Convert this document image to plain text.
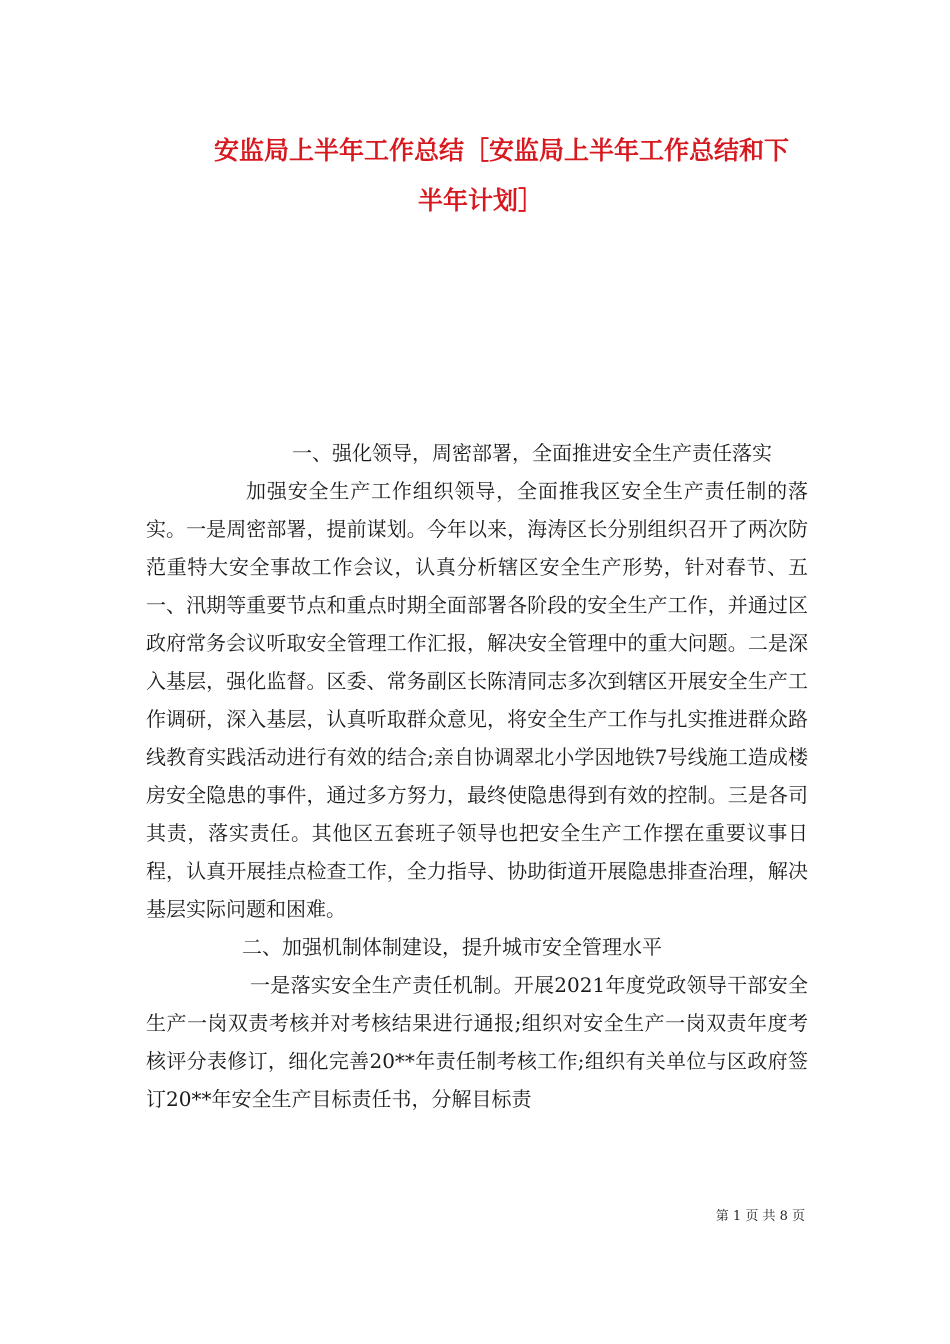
安监局上半年工作总结［安监局上半年工作总结和下
半年计划］

一、强化领导，周密部署，全面推进安全生产责任落实

加强安全生产工作组织领导，全面推我区安全生产责任制的落实。一是周密部署，提前谋划。今年以来，海涛区长分别组织召开了两次防范重特大安全事故工作会议，认真分析辖区安全生产形势，针对春节、五一、汛期等重要节点和重点时期全面部署各阶段的安全生产工作，并通过区政府常务会议听取安全管理工作汇报，解决安全管理中的重大问题。二是深入基层，强化监督。区委、常务副区长陈清同志多次到辖区开展安全生产工作调研，深入基层，认真听取群众意见，将安全生产工作与扎实推进群众路线教育实践活动进行有效的结合;亲自协调翠北小学因地铁7号线施工造成楼房安全隐患的事件，通过多方努力，最终使隐患得到有效的控制。三是各司其责，落实责任。其他区五套班子领导也把安全生产工作摆在重要议事日程，认真开展挂点检查工作，全力指导、协助街道开展隐患排查治理，解决基层实际问题和困难。

二、加强机制体制建设，提升城市安全管理水平

一是落实安全生产责任机制。开展2021年度党政领导干部安全生产一岗双责考核并对考核结果进行通报;组织对安全生产一岗双责年度考核评分表修订，细化完善20**年责任制考核工作;组织有关单位与区政府签订20**年安全生产目标责任书，分解目标责

第 1 页 共 8 页
